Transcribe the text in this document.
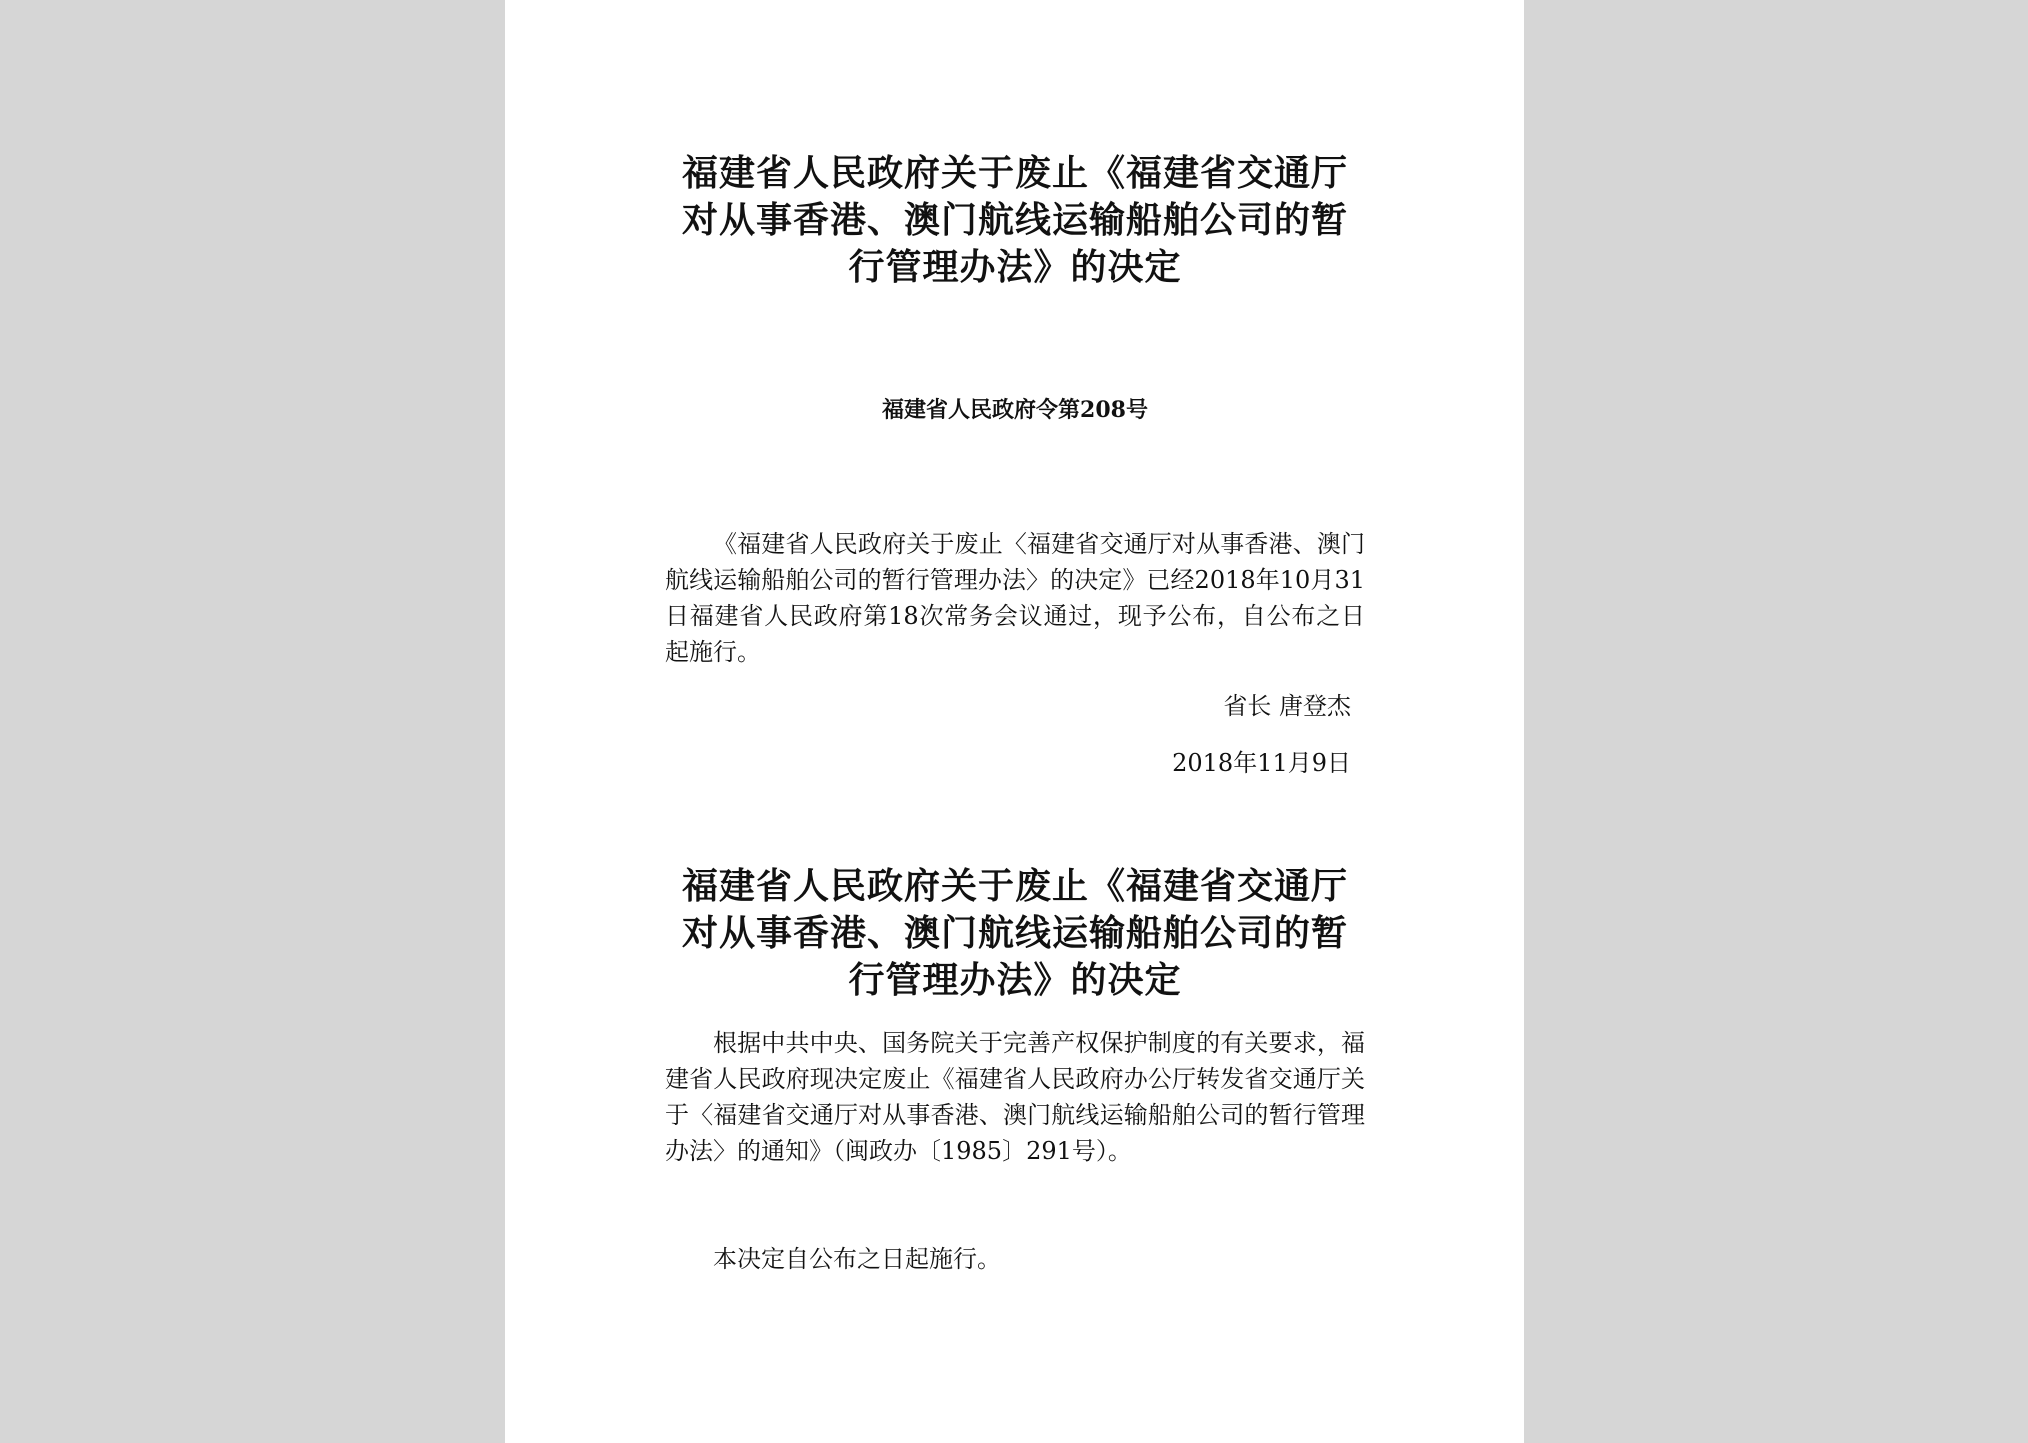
福建省人民政府关于废止《福建省交通厅对从事香港、澳门航线运输船舶公司的暂行管理办法》的决定

福建省人民政府令第208号

《福建省人民政府关于废止〈福建省交通厅对从事香港、澳门航线运输船舶公司的暂行管理办法〉的决定》已经2018年10月31日福建省人民政府第18次常务会议通过，现予公布，自公布之日起施行。

省长 唐登杰

2018年11月9日

福建省人民政府关于废止《福建省交通厅对从事香港、澳门航线运输船舶公司的暂行管理办法》的决定

根据中共中央、国务院关于完善产权保护制度的有关要求，福建省人民政府现决定废止《福建省人民政府办公厅转发省交通厅关于〈福建省交通厅对从事香港、澳门航线运输船舶公司的暂行管理办法〉的通知》（闽政办〔1985〕291号）。

本决定自公布之日起施行。
